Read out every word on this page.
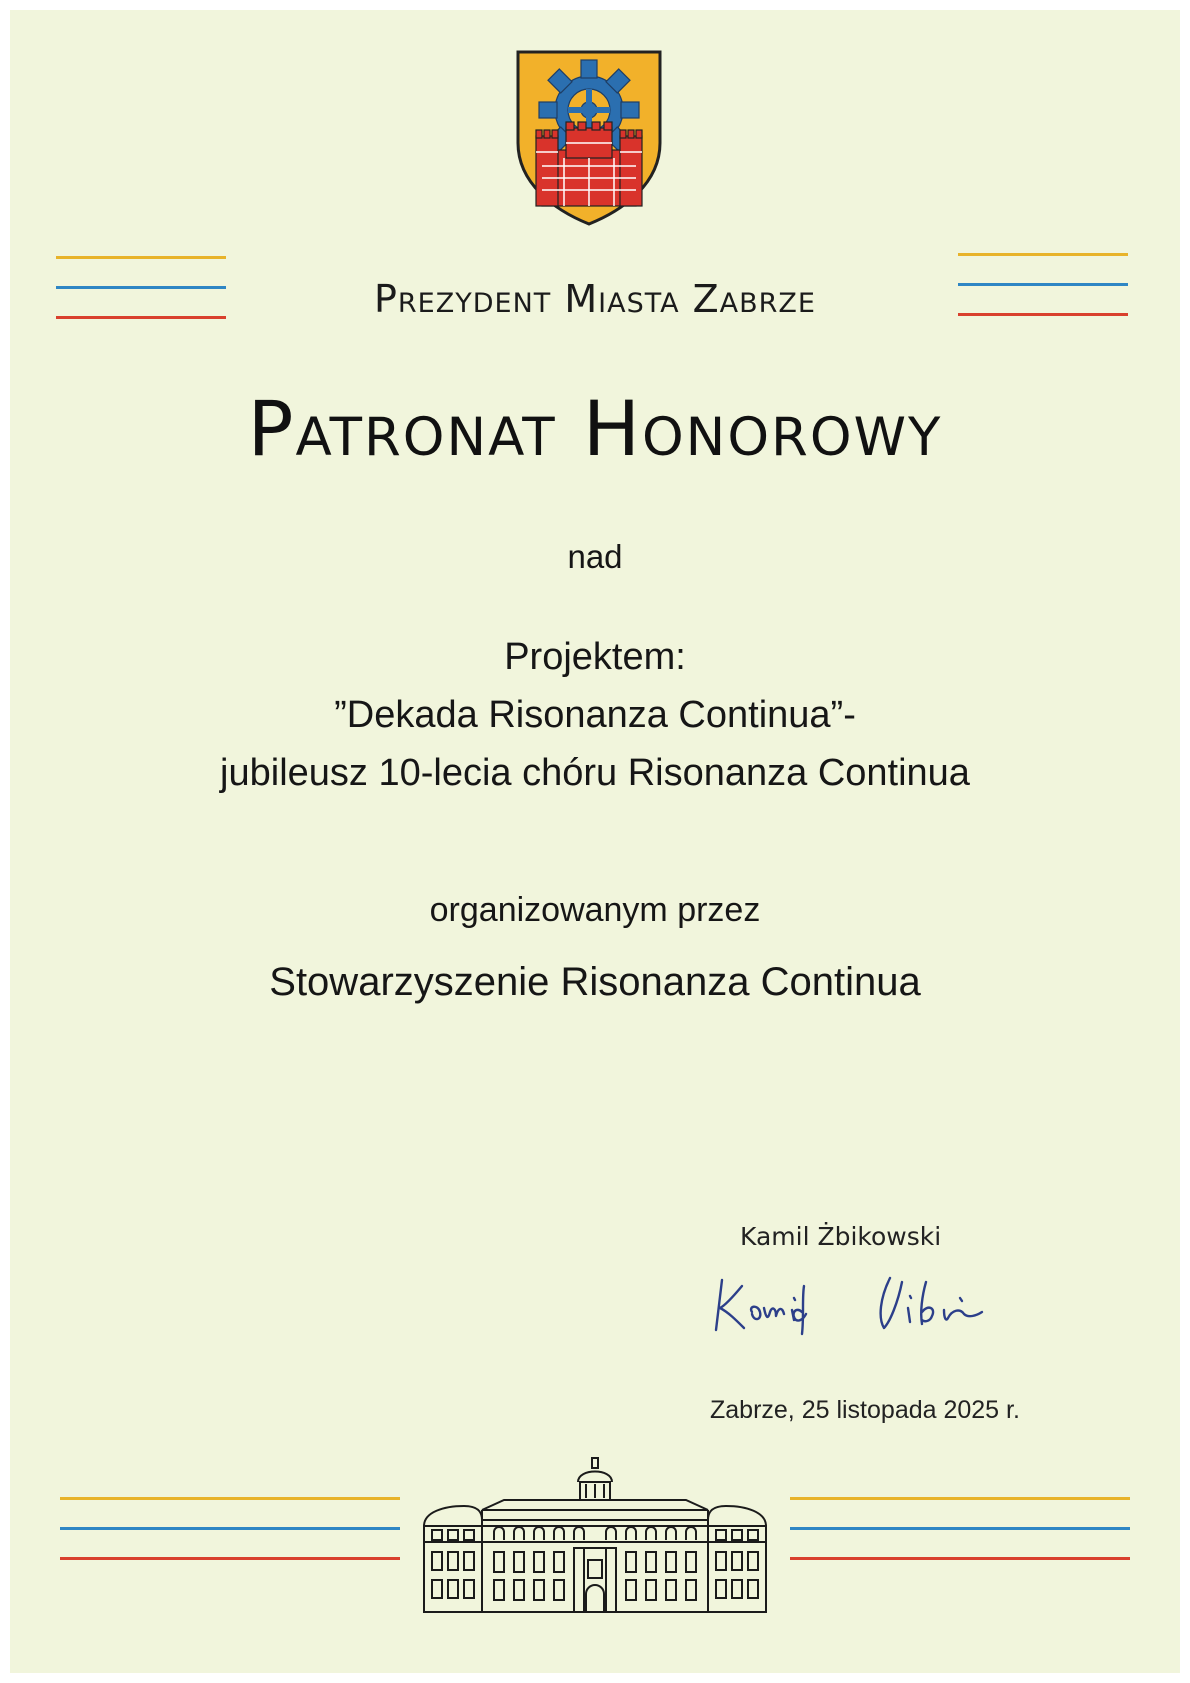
Prezydent Miasta Zabrze
Patronat Honorowy
nad
Projektem:
”Dekada Risonanza Continua”-
jubileusz 10-lecia chóru Risonanza Continua
organizowanym przez
Stowarzyszenie Risonanza Continua
Kamil Żbikowski
Zabrze, 25 listopada 2025 r.
